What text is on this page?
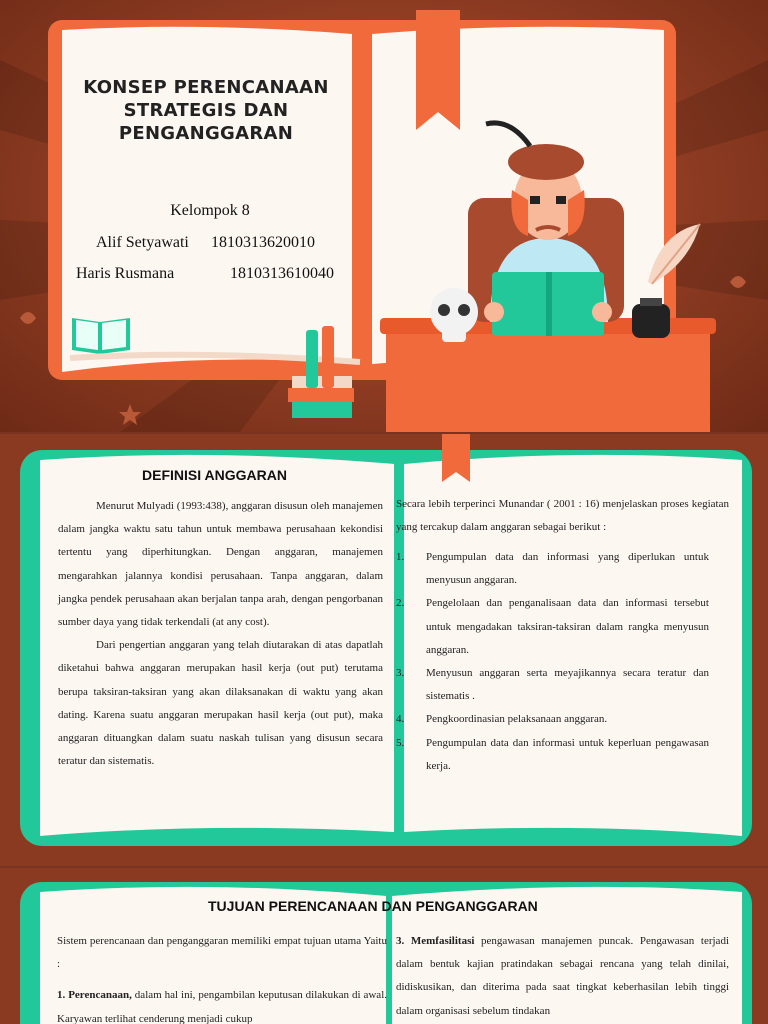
KONSEP PERENCANAAN
STRATEGIS DAN
PENGANGGARAN
Kelompok 8
Alif Setyawati 1810313620010
Haris Rusmana	1810313610040
DEFINISI ANGGARAN

Menurut Mulyadi (1993:438), anggaran disusun oleh manajemen dalam jangka waktu satu tahun untuk membawa perusahaan kekondisi tertentu yang diperhitungkan. Dengan anggaran, manajemen mengarahkan jalannya kondisi perusahaan. Tanpa anggaran, dalam jangka pendek perusahaan akan berjalan tanpa arah, dengan pengorbanan sumber daya yang tidak terkendali (at any cost).

Dari pengertian anggaran yang telah diutarakan di atas dapatlah diketahui bahwa anggaran merupakan hasil kerja (out put) terutama berupa taksiran-taksiran yang akan dilaksanakan di waktu yang akan dating. Karena suatu anggaran merupakan hasil kerja (out put), maka anggaran dituangkan dalam suatu naskah tulisan yang disusun secara teratur dan sistematis.

Secara lebih terperinci Munandar ( 2001 : 16) menjelaskan proses kegiatan yang tercakup dalam anggaran sebagai berikut :
1. Pengumpulan data dan informasi yang diperlukan untuk menyusun anggaran.
2. Pengelolaan dan penganalisaan data dan informasi tersebut untuk mengadakan taksiran-taksiran dalam rangka menyusun anggaran.
3. Menyusun anggaran serta meyajikannya secara teratur dan sistematis .
4. Pengkoordinasian pelaksanaan anggaran.
5. Pengumpulan data dan informasi untuk keperluan pengawasan kerja.
TUJUAN PERENCANAAN DAN PENGANGGARAN

Sistem perencanaan dan penganggaran memiliki empat tujuan utama Yaitu :

1. Perencanaan, dalam hal ini, pengambilan keputusan dilakukan di awal. Karyawan terlihat cenderung menjadi cukup

3. Memfasilitasi pengawasan manajemen puncak. Pengawasan terjadi dalam bentuk kajian pratindakan sebagai rencana yang telah dinilai, didiskusikan, dan diterima pada saat tingkat keberhasilan lebih tinggi dalam organisasi sebelum tindakan
